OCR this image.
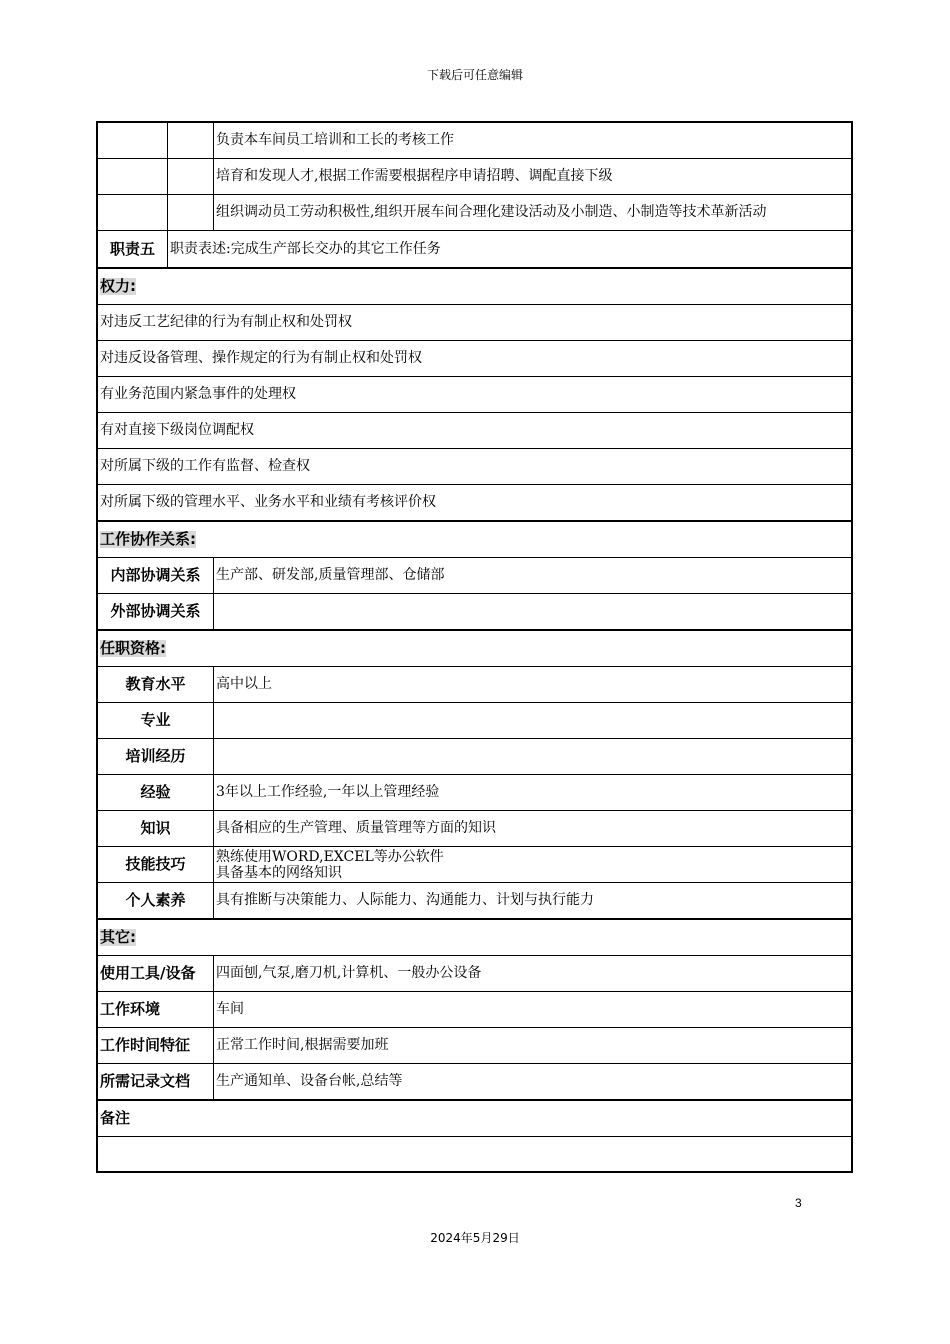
下载后可任意编辑
负责本车间员工培训和工长的考核工作
培育和发现人才,根据工作需要根据程序申请招聘、调配直接下级
组织调动员工劳动积极性,组织开展车间合理化建设活动及小制造、小制造等技术革新活动
职责五	职责表述:完成生产部长交办的其它工作任务
权力:
对违反工艺纪律的行为有制止权和处罚权
对违反设备管理、操作规定的行为有制止权和处罚权
有业务范围内紧急事件的处理权
有对直接下级岗位调配权
对所属下级的工作有监督、检查权
对所属下级的管理水平、业务水平和业绩有考核评价权
工作协作关系:
内部协调关系	生产部、研发部,质量管理部、仓储部
外部协调关系
任职资格:
教育水平	高中以上
专业
培训经历
经验	3年以上工作经验,一年以上管理经验
知识	具备相应的生产管理、质量管理等方面的知识
技能技巧	熟练使用WORD,EXCEL等办公软件
具备基本的网络知识
个人素养	具有推断与决策能力、人际能力、沟通能力、计划与执行能力
其它:
使用工具/设备	四面刨,气泵,磨刀机,计算机、一般办公设备
工作环境	车间
工作时间特征	正常工作时间,根据需要加班
所需记录文档	生产通知单、设备台帐,总结等
备注
3
2024年5月29日
